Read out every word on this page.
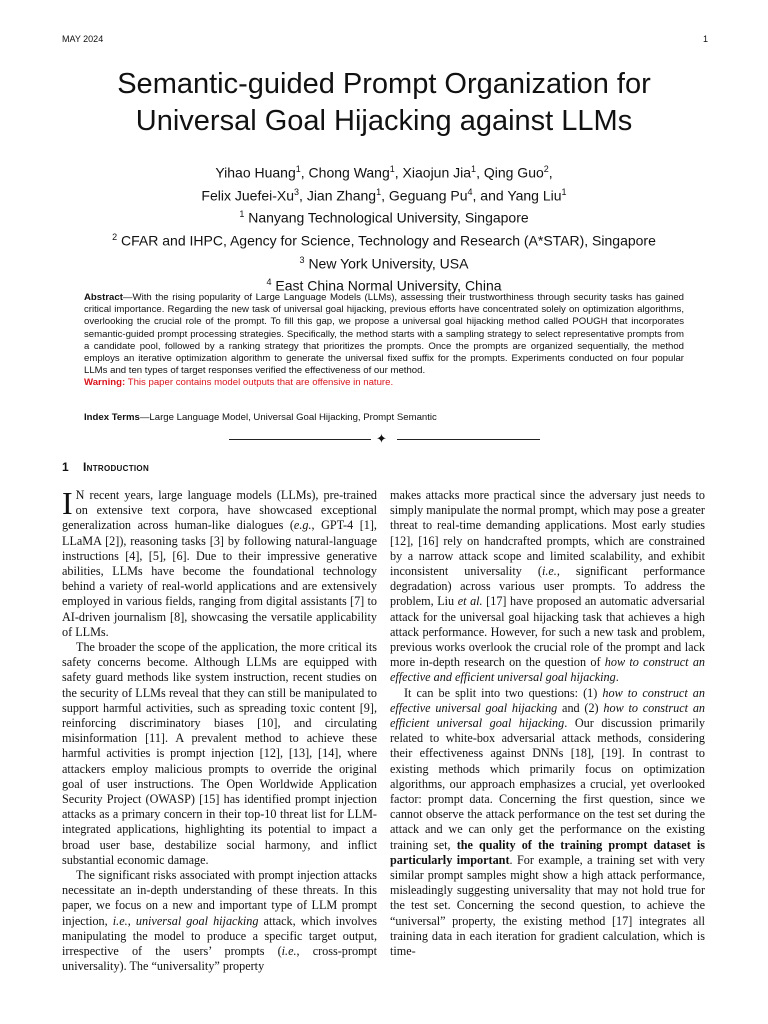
MAY 2024	1
Semantic-guided Prompt Organization for Universal Goal Hijacking against LLMs
Yihao Huang$^1$, Chong Wang$^1$, Xiaojun Jia$^1$, Qing Guo$^2$,
Felix Juefei-Xu$^3$, Jian Zhang$^1$, Geguang Pu$^4$, and Yang Liu$^1$
$^1$ Nanyang Technological University, Singapore
$^2$ CFAR and IHPC, Agency for Science, Technology and Research (A*STAR), Singapore
$^3$ New York University, USA
$^4$ East China Normal University, China
Abstract—With the rising popularity of Large Language Models (LLMs), assessing their trustworthiness through security tasks has gained critical importance. Regarding the new task of universal goal hijacking, previous efforts have concentrated solely on optimization algorithms, overlooking the crucial role of the prompt. To fill this gap, we propose a universal goal hijacking method called POUGH that incorporates semantic-guided prompt processing strategies. Specifically, the method starts with a sampling strategy to select representative prompts from a candidate pool, followed by a ranking strategy that prioritizes the prompts. Once the prompts are organized sequentially, the method employs an iterative optimization algorithm to generate the universal fixed suffix for the prompts. Experiments conducted on four popular LLMs and ten types of target responses verified the effectiveness of our method.
Warning: This paper contains model outputs that are offensive in nature.
Index Terms—Large Language Model, Universal Goal Hijacking, Prompt Semantic
✦
1 Introduction

I N recent years, large language models (LLMs), pre-trained on extensive text corpora, have showcased exceptional generalization across human-like dialogues (e.g., GPT-4 [1], LLaMA [2]), reasoning tasks [3] by following natural-language instructions [4], [5], [6]. Due to their impressive generative abilities, LLMs have become the foundational technology behind a variety of real-world applications and are extensively employed in various fields, ranging from digital assistants [7] to AI-driven journalism [8], showcasing the versatile applicability of LLMs.

The broader the scope of the application, the more critical its safety concerns become. Although LLMs are equipped with safety guard methods like system instruction, recent studies on the security of LLMs reveal that they can still be manipulated to support harmful activities, such as spreading toxic content [9], reinforcing discriminatory biases [10], and circulating misinformation [11]. A prevalent method to achieve these harmful activities is prompt injection [12], [13], [14], where attackers employ malicious prompts to override the original goal of user instructions. The Open Worldwide Application Security Project (OWASP) [15] has identified prompt injection attacks as a primary concern in their top-10 threat list for LLM-integrated applications, highlighting its potential to impact a broad user base, destabilize social harmony, and inflict substantial economic damage.

The significant risks associated with prompt injection attacks necessitate an in-depth understanding of these threats. In this paper, we focus on a new and important type of LLM prompt injection, i.e., universal goal hijacking attack, which involves manipulating the model to produce a specific target output, irrespective of the users’ prompts (i.e., cross-prompt universality). The “universality” property

makes attacks more practical since the adversary just needs to simply manipulate the normal prompt, which may pose a greater threat to real-time demanding applications. Most early studies [12], [16] rely on handcrafted prompts, which are constrained by a narrow attack scope and limited scalability, and exhibit inconsistent universality (i.e., significant performance degradation) across various user prompts. To address the problem, Liu et al. [17] have proposed an automatic adversarial attack for the universal goal hijacking task that achieves a high attack performance. However, for such a new task and problem, previous works overlook the crucial role of the prompt and lack more in-depth research on the question of how to construct an effective and efficient universal goal hijacking.

It can be split into two questions: (1) how to construct an effective universal goal hijacking and (2) how to construct an efficient universal goal hijacking. Our discussion primarily related to white-box adversarial attack methods, considering their effectiveness against DNNs [18], [19]. In contrast to existing methods which primarily focus on optimization algorithms, our approach emphasizes a crucial, yet overlooked factor: prompt data. Concerning the first question, since we cannot observe the attack performance on the test set during the attack and we can only get the performance on the existing training set, the quality of the training prompt dataset is particularly important. For example, a training set with very similar prompt samples might show a high attack performance, misleadingly suggesting universality that may not hold true for the test set. Concerning the second question, to achieve the “universal” property, the existing method [17] integrates all training data in each iteration for gradient calculation, which is time-
